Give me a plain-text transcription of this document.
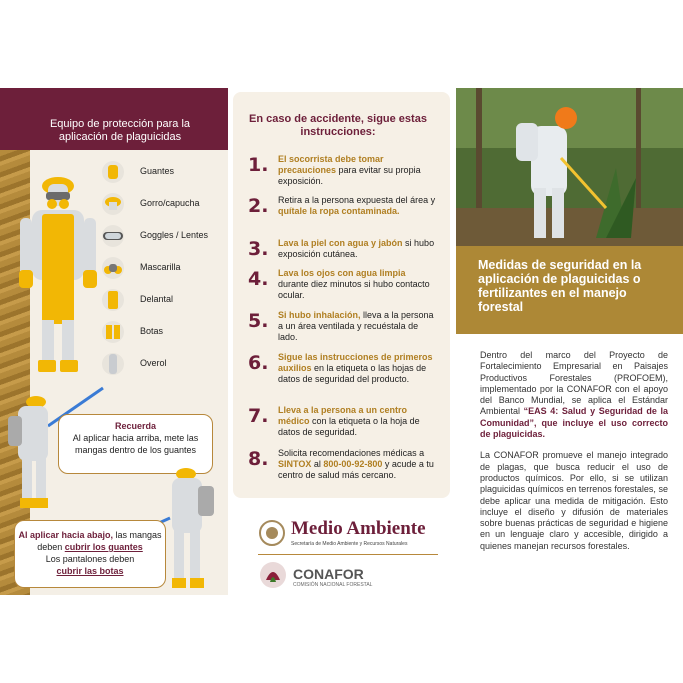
Equipo de protección para la aplicación de plaguicidas
Guantes
Gorro/capucha
Goggles / Lentes
Mascarilla
Delantal
Botas
Overol
Recuerda
Al aplicar hacia arriba, mete las mangas dentro de los guantes
Al aplicar hacia abajo, las mangas deben cubrir los guantes
Los pantalones deben
cubrir las botas
En caso de accidente, sigue estas instrucciones:
1. El socorrista debe tomar precauciones para evitar su propia exposición.
2. Retira a la persona expuesta del área y quítale la ropa contaminada.
3. Lava la piel con agua y jabón si hubo exposición cutánea.
4. Lava los ojos con agua limpia durante diez minutos si hubo contacto ocular.
5. Si hubo inhalación, lleva a la persona a un área ventilada y recuéstala de lado.
6. Sigue las instrucciones de primeros auxilios en la etiqueta o las hojas de datos de seguridad del producto.
7. Lleva a la persona a un centro médico con la etiqueta o la hoja de datos de seguridad.
8. Solicita recomendaciones médicas a SINTOX al 800-00-92-800 y acude a tu centro de salud más cercano.
Medio Ambiente
Secretaría de Medio Ambiente y Recursos Naturales
CONAFOR
COMISIÓN NACIONAL FORESTAL
Medidas de seguridad en la aplicación de plaguicidas o fertilizantes en el manejo forestal

Dentro del marco del Proyecto de Fortalecimiento Empresarial en Paisajes Productivos Forestales (PROFOEM), implementado por la CONAFOR con el apoyo del Banco Mundial, se aplica el Estándar Ambiental “EAS 4: Salud y Seguridad de la Comunidad”, que incluye el uso correcto de plaguicidas.

La CONAFOR promueve el manejo integrado de plagas, que busca reducir el uso de productos químicos. Por ello, si se utilizan plaguicidas químicos en terrenos forestales, se debe aplicar una medida de mitigación. Esto incluye el diseño y difusión de materiales sobre buenas prácticas de seguridad e higiene en un lenguaje claro y accesible, dirigido a quienes manejan recursos forestales.
